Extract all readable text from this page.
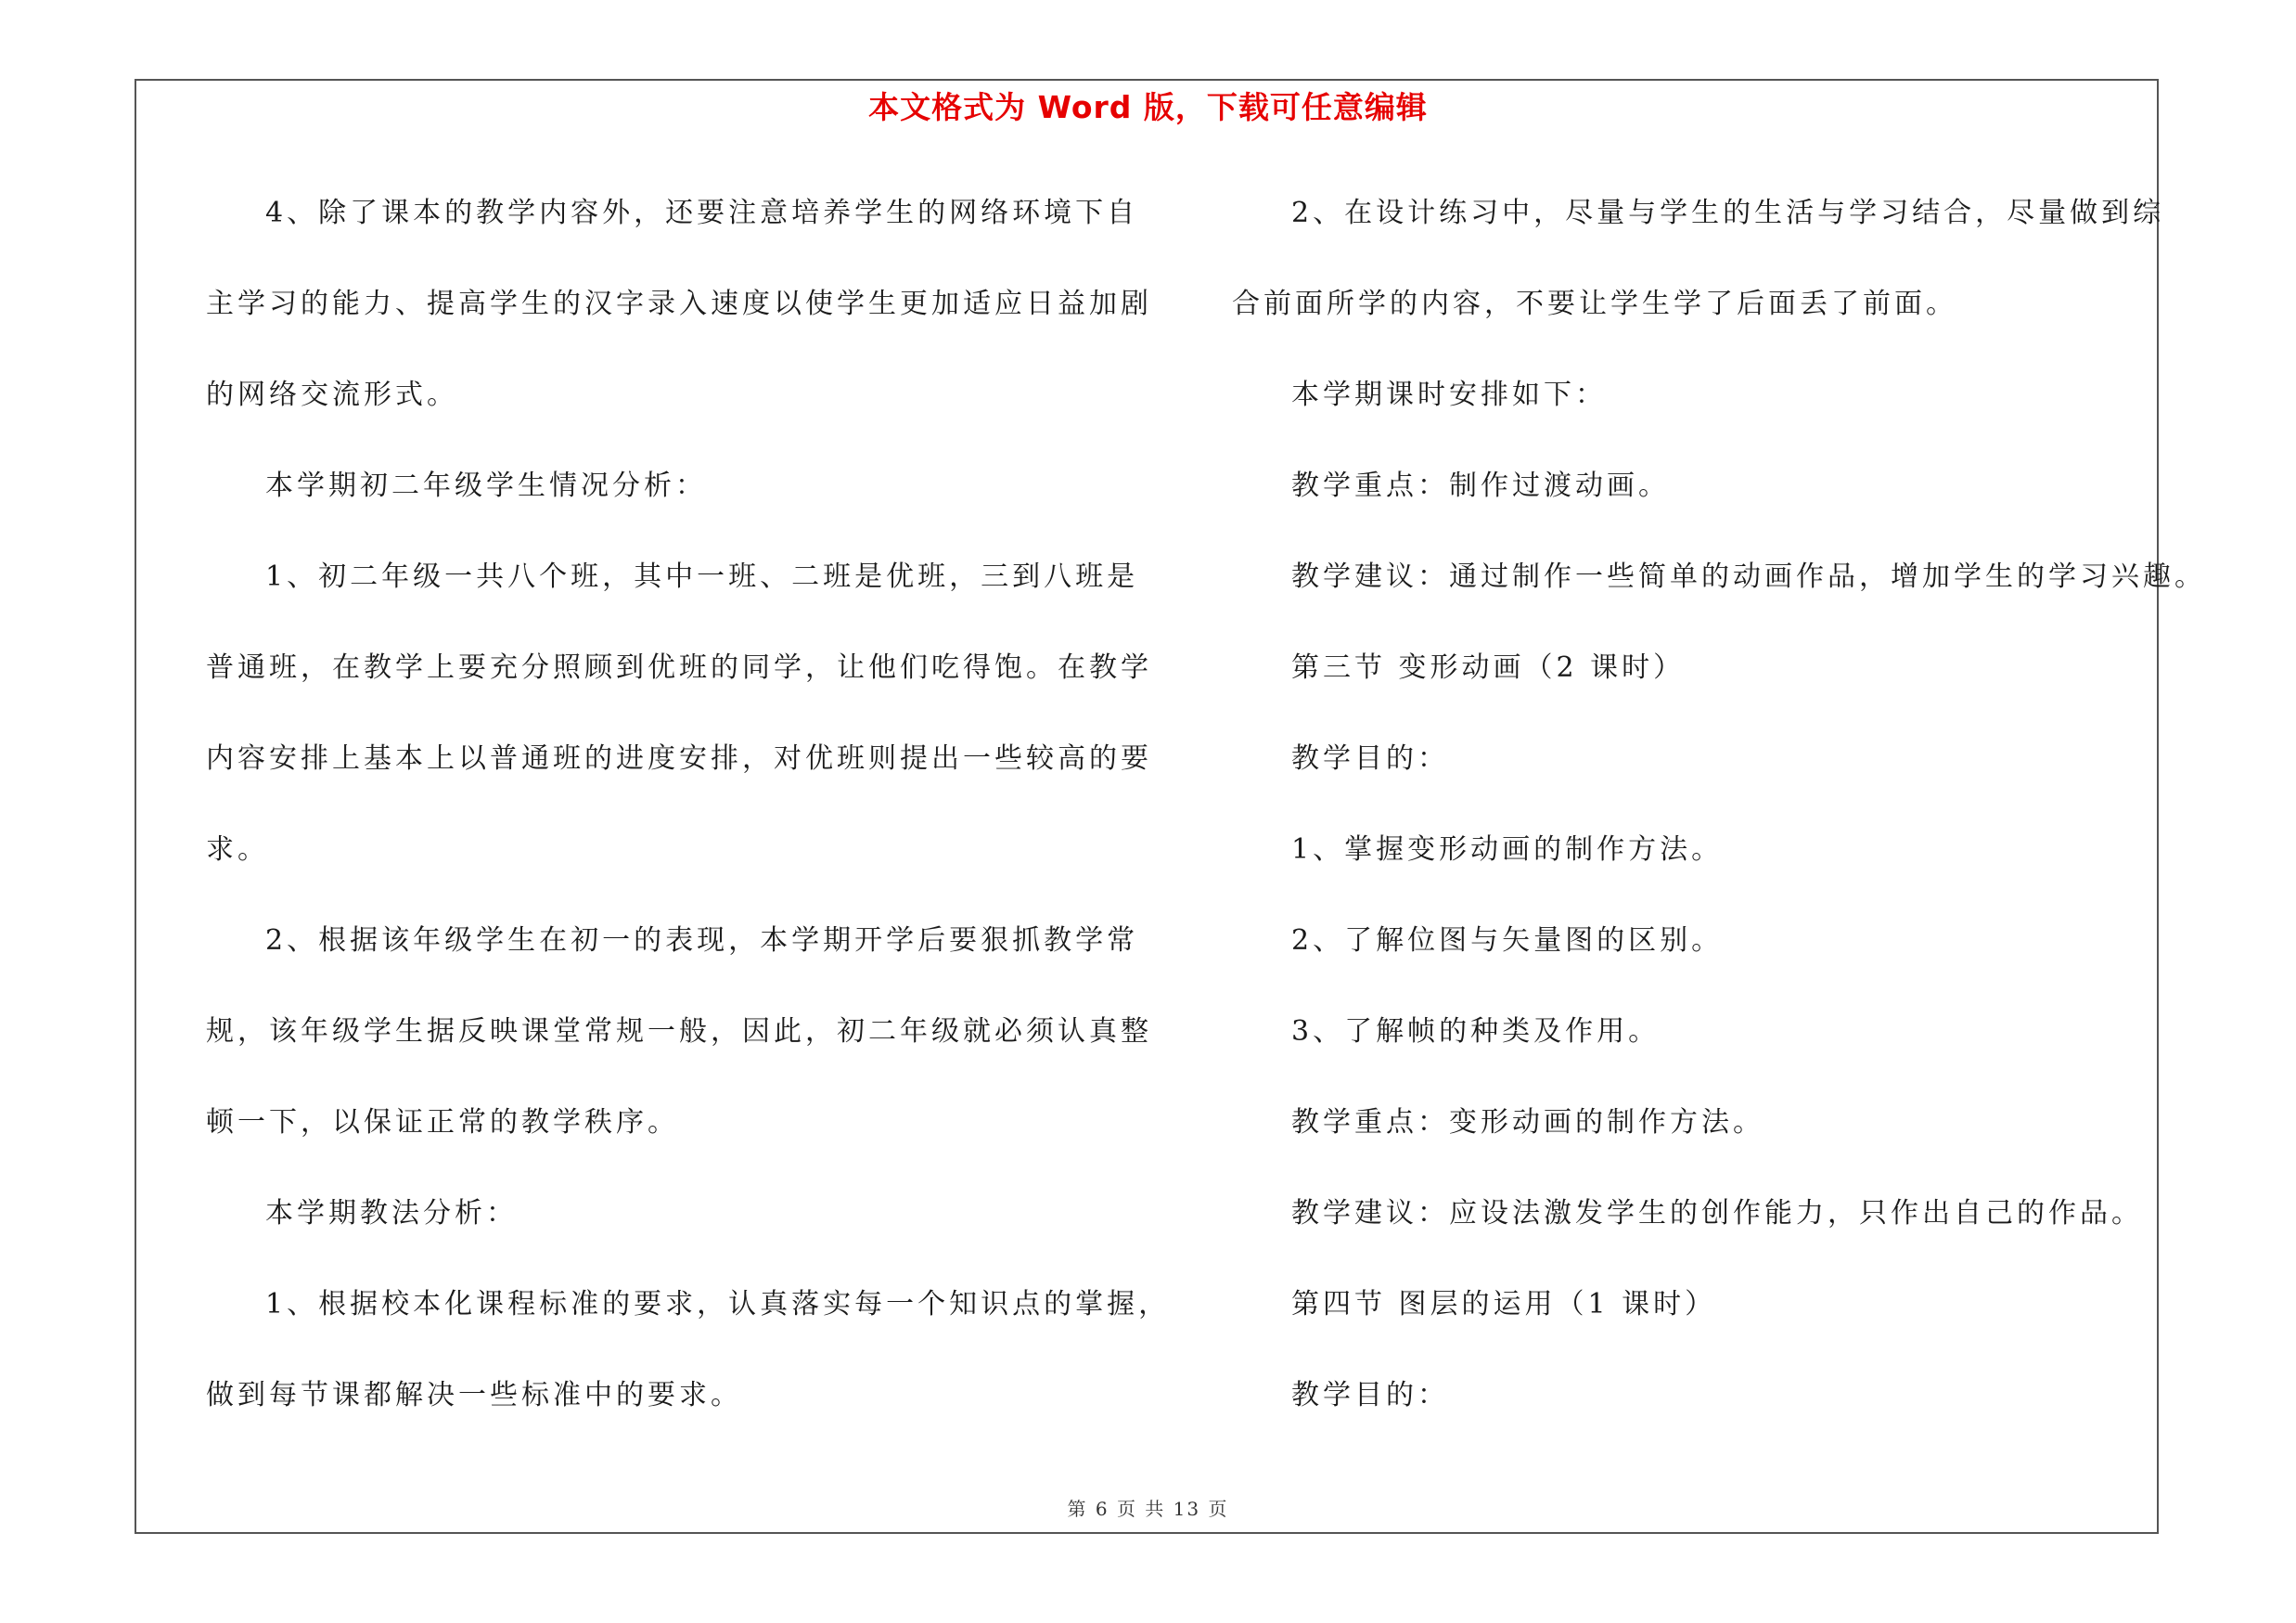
本文格式为 Word 版，下载可任意编辑
4、除了课本的教学内容外，还要注意培养学生的网络环境下自
主学习的能力、提高学生的汉字录入速度以使学生更加适应日益加剧
的网络交流形式。
本学期初二年级学生情况分析：
1、初二年级一共八个班，其中一班、二班是优班，三到八班是
普通班，在教学上要充分照顾到优班的同学，让他们吃得饱。在教学
内容安排上基本上以普通班的进度安排，对优班则提出一些较高的要
求。
2、根据该年级学生在初一的表现，本学期开学后要狠抓教学常
规，该年级学生据反映课堂常规一般，因此，初二年级就必须认真整
顿一下，以保证正常的教学秩序。
本学期教法分析：
1、根据校本化课程标准的要求，认真落实每一个知识点的掌握，
做到每节课都解决一些标准中的要求。
2、在设计练习中，尽量与学生的生活与学习结合，尽量做到综
合前面所学的内容，不要让学生学了后面丢了前面。
本学期课时安排如下：
教学重点：制作过渡动画。
教学建议：通过制作一些简单的动画作品，增加学生的学习兴趣。
第三节 变形动画（2 课时）
教学目的：
1、掌握变形动画的制作方法。
2、了解位图与矢量图的区别。
3、了解帧的种类及作用。
教学重点：变形动画的制作方法。
教学建议：应设法激发学生的创作能力，只作出自己的作品。
第四节 图层的运用（1 课时）
教学目的：
第 6 页 共 13 页
